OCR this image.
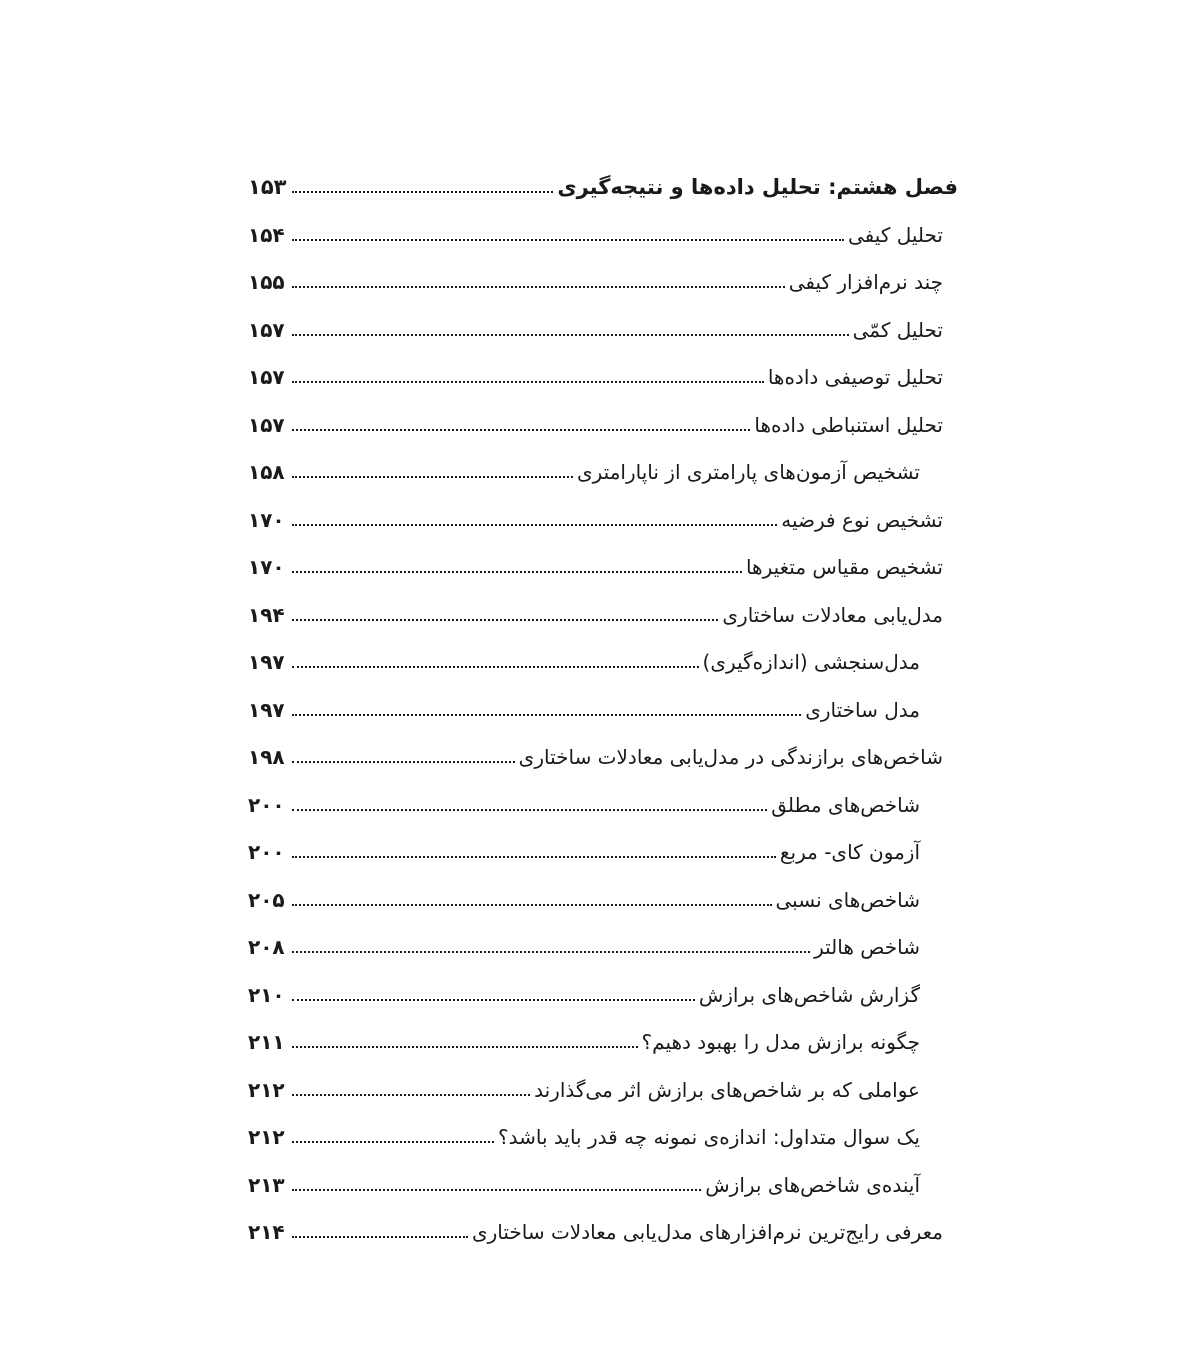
فصل هشتم: تحلیل داده‌ها و نتیجه‌گیری
۱۵۳
تحلیل کیفی
۱۵۴
چند نرم‌افزار کیفی
۱۵۵
تحلیل کمّی
۱۵۷
تحلیل توصیفی داده‌ها
۱۵۷
تحلیل استنباطی داده‌ها
۱۵۷
تشخیص آزمون‌های پارامتری از ناپارامتری
۱۵۸
تشخیص نوع فرضیه
۱۷۰
تشخیص مقیاس متغیرها
۱۷۰
مدل‌یابی معادلات ساختاری
۱۹۴
مدل‌سنجشی (اندازه‌گیری)
۱۹۷
مدل ساختاری
۱۹۷
شاخص‌های برازندگی در مدل‌یابی معادلات ساختاری
۱۹۸
شاخص‌های مطلق
۲۰۰
آزمون کای- مربع
۲۰۰
شاخص‌های نسبی
۲۰۵
شاخص هالتر
۲۰۸
گزارش شاخص‌های برازش
۲۱۰
چگونه برازش مدل را بهبود دهیم؟
۲۱۱
عواملی که بر شاخص‌های برازش اثر می‌گذارند
۲۱۲
یک سوال متداول: اندازه‌ی نمونه چه قدر باید باشد؟
۲۱۲
آینده‌ی شاخص‌های برازش
۲۱۳
معرفی رایج‌ترین نرم‌افزارهای مدل‌یابی معادلات ساختاری
۲۱۴
